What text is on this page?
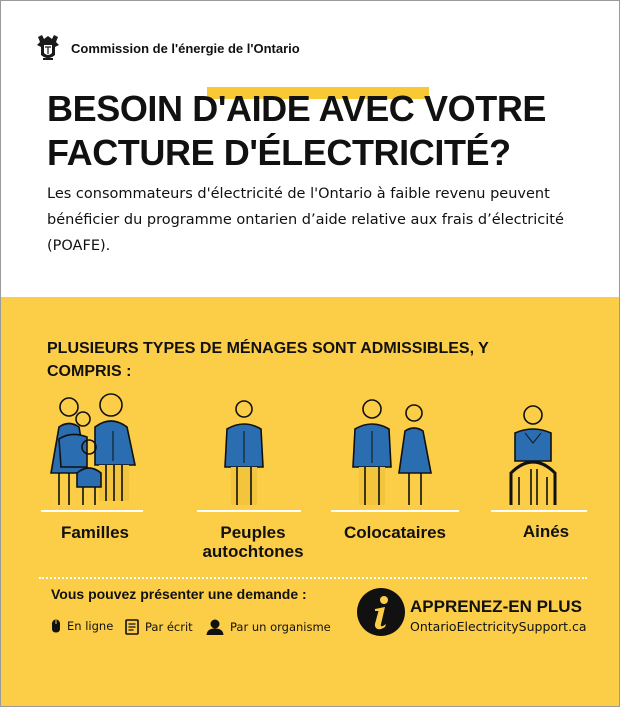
Commission de l'énergie de l'Ontario
BESOIN D'AIDE AVEC VOTRE
FACTURE D'ÉLECTRICITÉ?

Les consommateurs d'électricité de l'Ontario à faible revenu peuvent bénéficier du programme ontarien d’aide relative aux frais d’électricité (POAFE).

PLUSIEURS TYPES DE MÉNAGES SONT ADMISSIBLES, Y COMPRIS :

Familles	Peuples
autochtones
Colocataires	Ainés
Vous pouvez présenter une demande :
En ligne	Par écrit	Par un organisme
APPRENEZ-EN PLUS
OntarioElectricitySupport.ca
